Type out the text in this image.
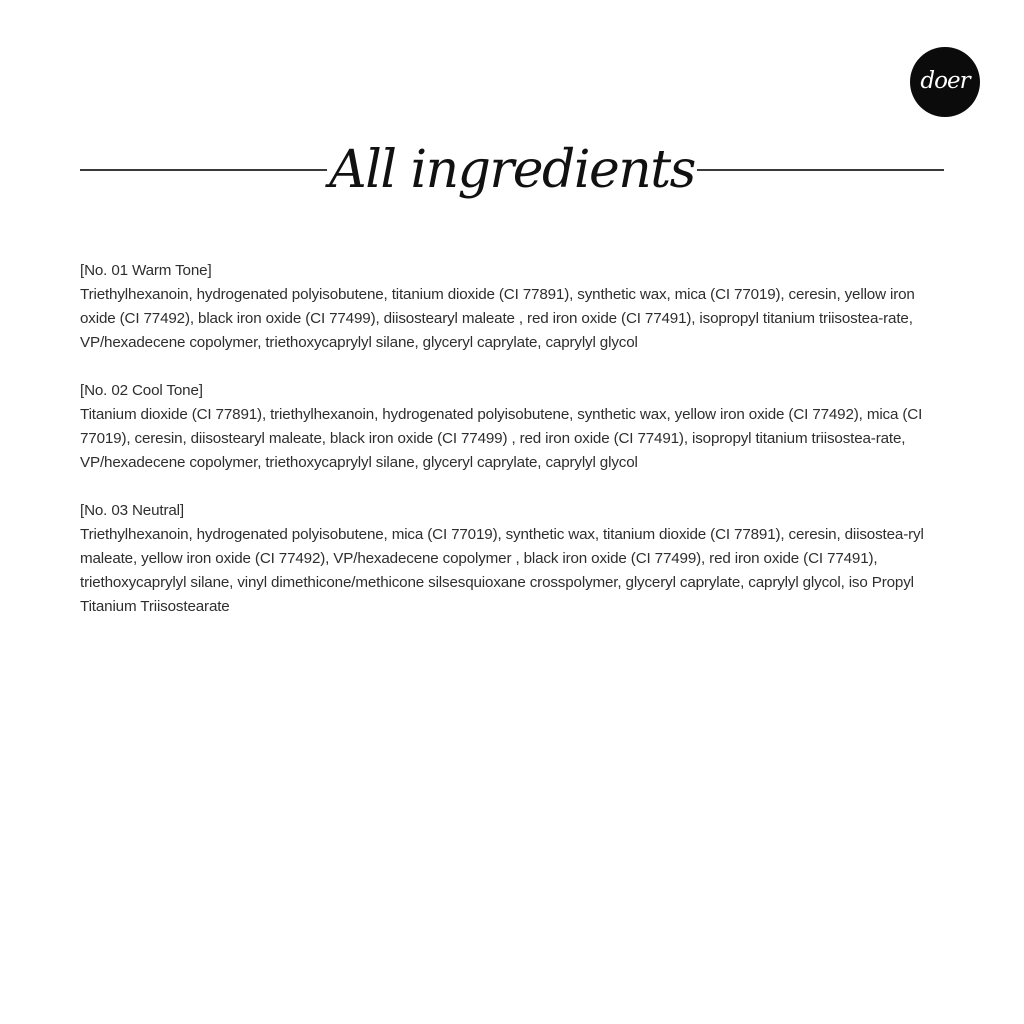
doer
All ingredients

[No. 01 Warm Tone]

Triethylhexanoin, hydrogenated polyisobutene, titanium dioxide (CI 77891), synthetic wax, mica (CI 77019), ceresin, yellow iron oxide (CI 77492), black iron oxide (CI 77499), diisostearyl maleate , red iron oxide (CI 77491), isopropyl titanium triisostea-rate, VP/hexadecene copolymer, triethoxycaprylyl silane, glyceryl caprylate, caprylyl glycol

[No. 02 Cool Tone]

Titanium dioxide (CI 77891), triethylhexanoin, hydrogenated polyisobutene, synthetic wax, yellow iron oxide (CI 77492), mica (CI 77019), ceresin, diisostearyl maleate, black iron oxide (CI 77499) , red iron oxide (CI 77491), isopropyl titanium triisostea-rate, VP/hexadecene copolymer, triethoxycaprylyl silane, glyceryl caprylate, caprylyl glycol

[No. 03 Neutral]

Triethylhexanoin, hydrogenated polyisobutene, mica (CI 77019), synthetic wax, titanium dioxide (CI 77891), ceresin, diisostea-ryl maleate, yellow iron oxide (CI 77492), VP/hexadecene copolymer , black iron oxide (CI 77499), red iron oxide (CI 77491), triethoxycaprylyl silane, vinyl dimethicone/methicone silsesquioxane crosspolymer, glyceryl caprylate, caprylyl glycol, iso Propyl Titanium Triisostearate
